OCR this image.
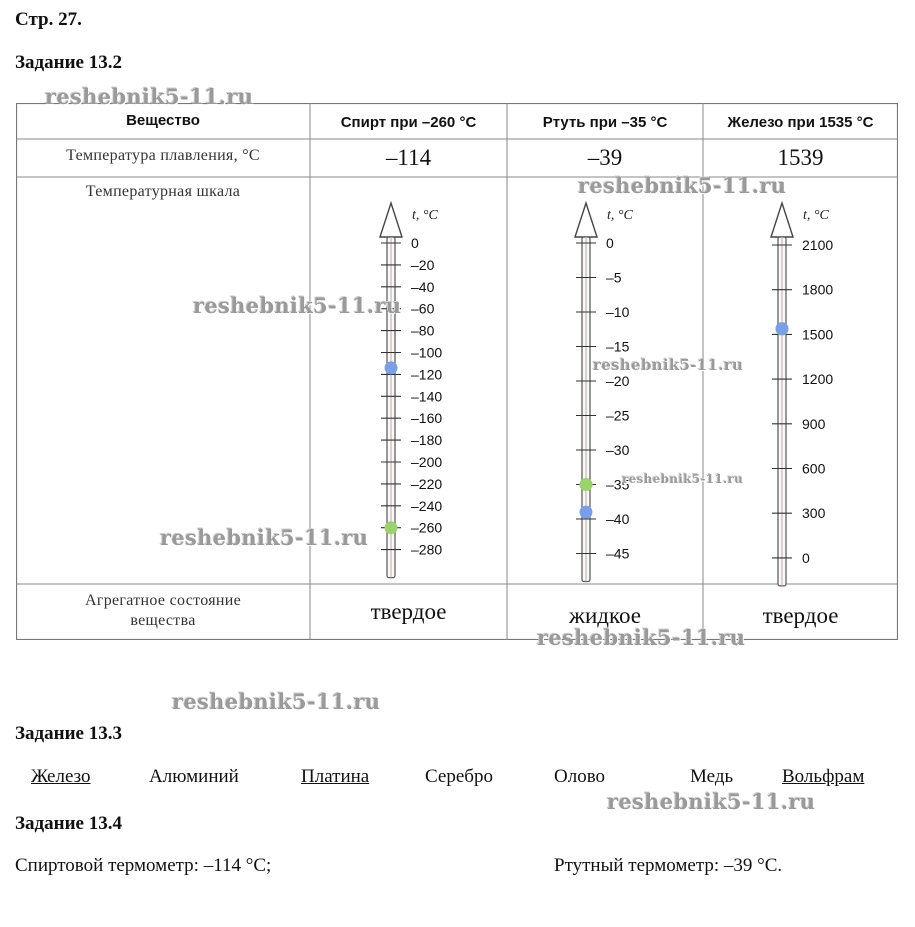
Стр. 27.
Задание 13.2
Вещество	Спирт при –260 °С	Ртуть при –35 °С	Железо при 1535 °С
Температура плавления, °С	–114	–39	1539
Температурная шкала
Агрегатное состояние
вещества	твердое	жидкое	твердое
t, °C
0
–20
–40
–60
–80
–100
–120
–140
–160
–180
–200
–220
–240
–260
–280
t, °C
0
–5
–10
–15
–20
–25
–30
–35
–40
–45
t, °C
2100
1800
1500
1200
900
600
300
0
reshebnik5-11.ru
reshebnik5-11.ru
reshebnik5-11.ru
reshebnik5-11.ru
reshebnik5-11.ru
reshebnik5-11.ru
reshebnik5-11.ru
reshebnik5-11.ru
reshebnik5-11.ru
Задание 13.3
Железо	Алюминий	Платина	Серебро	Олово	Медь	Вольфрам
Задание 13.4
Спиртовой термометр: –114 °С;	Ртутный термометр: –39 °С.
